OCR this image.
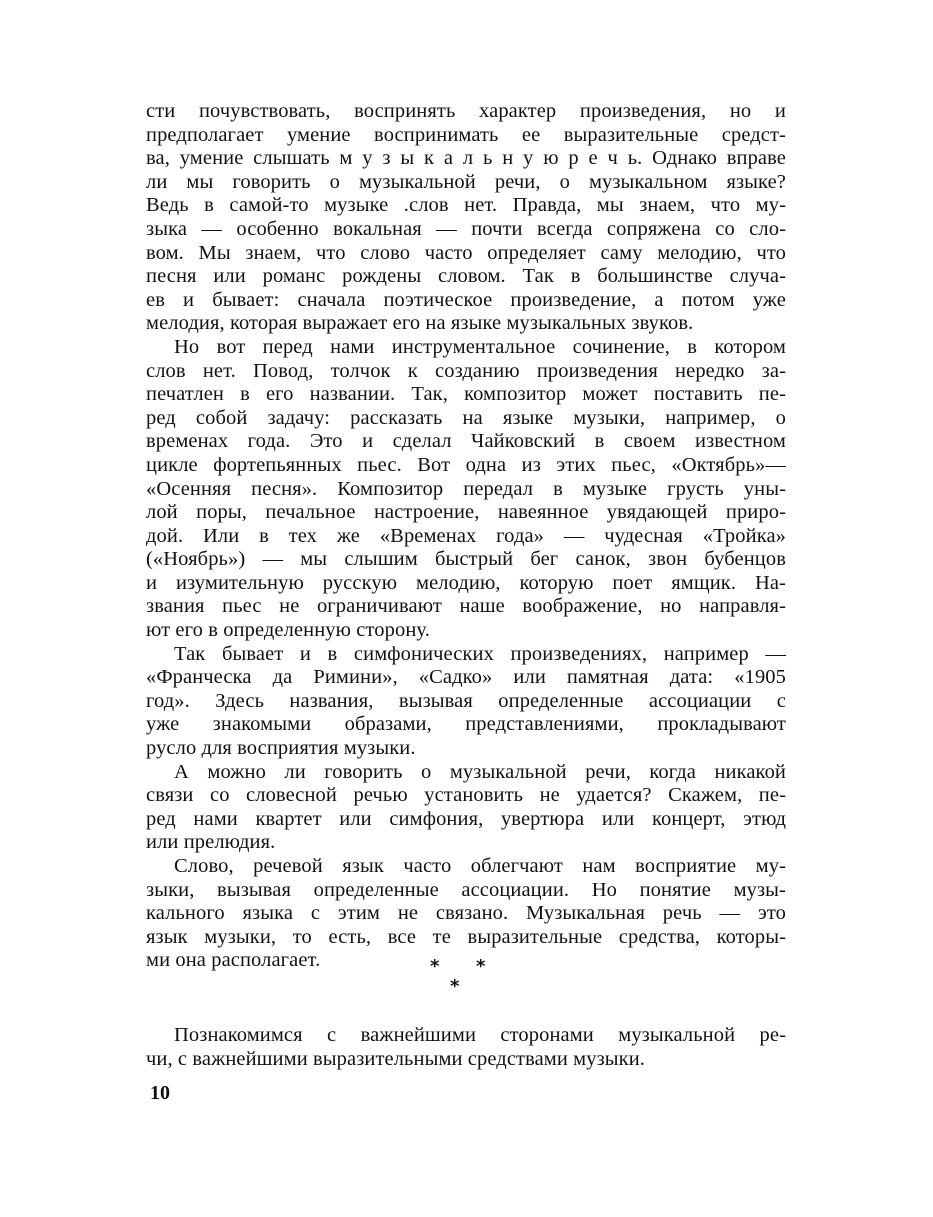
сти почувствовать, воспринять характер произведения, но и
предполагает умение воспринимать ее выразительные средст-
ва, умение слышать м у з ы к а л ь н у ю р е ч ь. Однако вправе
ли мы говорить о музыкальной речи, о музыкальном языке?
Ведь в самой-то музыке .слов нет. Правда, мы знаем, что му-
зыка — особенно вокальная — почти всегда сопряжена со сло-
вом. Мы знаем, что слово часто определяет саму мелодию, что
песня или романс рождены словом. Так в большинстве случа-
ев и бывает: сначала поэтическое произведение, а потом уже
мелодия, которая выражает его на языке музыкальных звуков.
Но вот перед нами инструментальное сочинение, в котором
слов нет. Повод, толчок к созданию произведения нередко за-
печатлен в его названии. Так, композитор может поставить пе-
ред собой задачу: рассказать на языке музыки, например, о
временах года. Это и сделал Чайковский в своем известном
цикле фортепьянных пьес. Вот одна из этих пьес, «Октябрь»—
«Осенняя песня». Композитор передал в музыке грусть уны-
лой поры, печальное настроение, навеянное увядающей приро-
дой. Или в тех же «Временах года» — чудесная «Тройка»
(«Ноябрь») — мы слышим быстрый бег санок, звон бубенцов
и изумительную русскую мелодию, которую поет ямщик. На-
звания пьес не ограничивают наше воображение, но направля-
ют его в определенную сторону.
Так бывает и в симфонических произведениях, например —
«Франческа да Римини», «Садко» или памятная дата: «1905
год». Здесь названия, вызывая определенные ассоциации с
уже знакомыми образами, представлениями, прокладывают
русло для восприятия музыки.
А можно ли говорить о музыкальной речи, когда никакой
связи со словесной речью установить не удается? Скажем, пе-
ред нами квартет или симфония, увертюра или концерт, этюд
или прелюдия.
Слово, речевой язык часто облегчают нам восприятие му-
зыки, вызывая определенные ассоциации. Но понятие музы-
кального языка с этим не связано. Музыкальная речь — это
язык музыки, то есть, все те выразительные средства, которы-
ми она располагает.	* *
*
Познакомимся с важнейшими сторонами музыкальной ре-
чи, с важнейшими выразительными средствами музыки.
10
